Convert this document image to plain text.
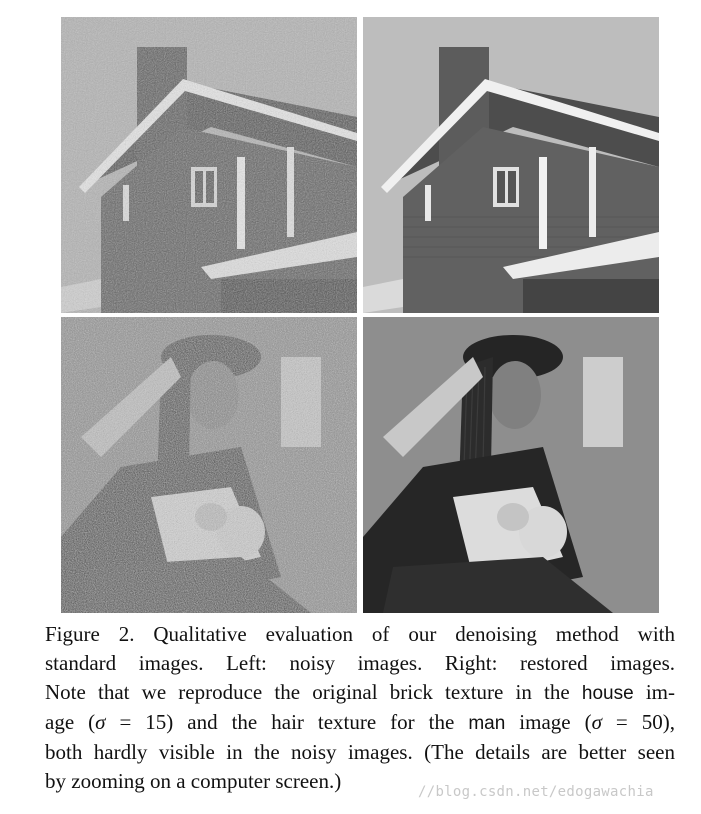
Figure 2. Qualitative evaluation of our denoising method with
standard images. Left: noisy images. Right: restored images.
Note that we reproduce the original brick texture in the house im-
age (σ = 15) and the hair texture for the man image (σ = 50),
both hardly visible in the noisy images. (The details are better seen
by zooming on a computer screen.)	//blog.csdn.net/edogawachia
